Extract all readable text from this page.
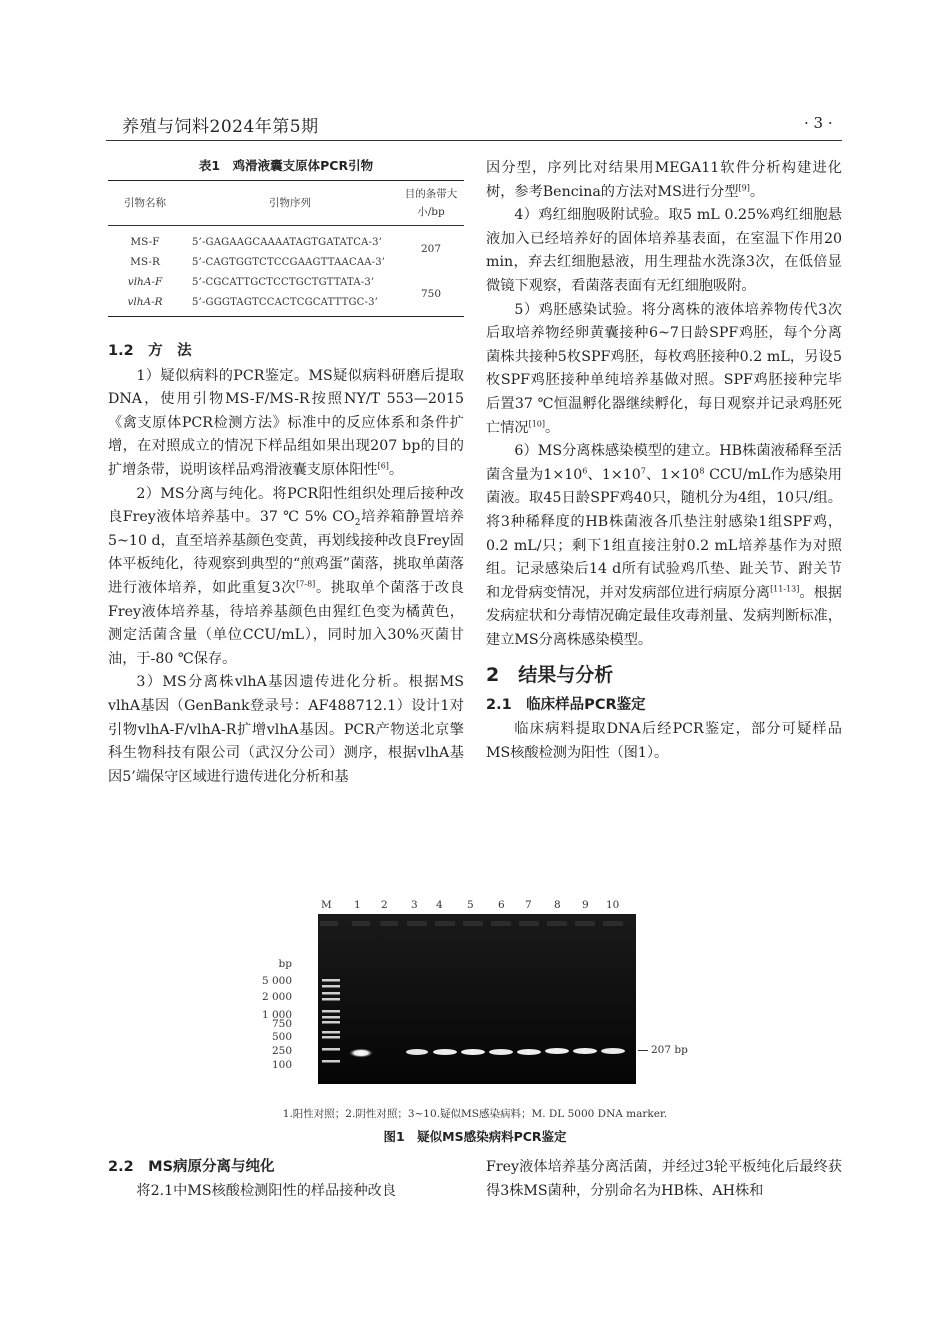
养殖与饲料2024年第5期	· 3 ·
表1　鸡滑液囊支原体PCR引物
引物名称	引物序列	目的条带大小/bp
MS-F	5’-GAGAAGCAAAATAGTGATATCA-3’	207
MS-R	5’-CAGTGGTCTCCGAAGTTAACAA-3’	
vlhA-F	5’-CGCATTGCTCCTGCTGTTATA-3’	750
vlhA-R	5’-GGGTAGTCCACTCGCATTTGC-3’	

1.2　方　法

1）疑似病料的PCR鉴定。MS疑似病料研磨后提取DNA，使用引物MS-F/MS-R按照NY/T 553—2015《禽支原体PCR检测方法》标准中的反应体系和条件扩增，在对照成立的情况下样品组如果出现207 bp的目的扩增条带，说明该样品鸡滑液囊支原体阳性[6]。

2）MS分离与纯化。将PCR阳性组织处理后接种改良Frey液体培养基中。37 ℃ 5% $CO_2$培养箱静置培养5~10 d，直至培养基颜色变黄，再划线接种改良Frey固体平板纯化，待观察到典型的“煎鸡蛋”菌落，挑取单菌落进行液体培养，如此重复3次[7-8]。挑取单个菌落于改良Frey液体培养基，待培养基颜色由猩红色变为橘黄色，测定活菌含量（单位CCU/mL），同时加入30%灭菌甘油，于-80 ℃保存。

3）MS分离株vlhA基因遗传进化分析。根据MS vlhA基因（GenBank登录号：AF488712.1）设计1对引物vlhA-F/vlhA-R扩增vlhA基因。PCR产物送北京擎科生物科技有限公司（武汉分公司）测序，根据vlhA基因5’端保守区域进行遗传进化分析和基

因分型，序列比对结果用MEGA11软件分析构建进化树，参考Bencina的方法对MS进行分型[9]。

4）鸡红细胞吸附试验。取5 mL 0.25%鸡红细胞悬液加入已经培养好的固体培养基表面，在室温下作用20 min，弃去红细胞悬液，用生理盐水洗涤3次，在低倍显微镜下观察，看菌落表面有无红细胞吸附。

5）鸡胚感染试验。将分离株的液体培养物传代3次后取培养物经卵黄囊接种6~7日龄SPF鸡胚，每个分离菌株共接种5枚SPF鸡胚，每枚鸡胚接种0.2 mL，另设5枚SPF鸡胚接种单纯培养基做对照。SPF鸡胚接种完毕后置37 ℃恒温孵化器继续孵化，每日观察并记录鸡胚死亡情况[10]。

6）MS分离株感染模型的建立。HB株菌液稀释至活菌含量为$1\times 10^6$、$1\times 10^7$、$1\times 10^8$ CCU/mL作为感染用菌液。取45日龄SPF鸡40只，随机分为4组，10只/组。将3种稀释度的HB株菌液各爪垫注射感染1组SPF鸡，0.2 mL/只；剩下1组直接注射0.2 mL培养基作为对照组。记录感染后14 d所有试验鸡爪垫、趾关节、跗关节和龙骨病变情况，并对发病部位进行病原分离[11-13]。根据发病症状和分毒情况确定最佳攻毒剂量、发病判断标准，建立MS分离株感染模型。

2　结果与分析

2.1　临床样品PCR鉴定

临床病料提取DNA后经PCR鉴定，部分可疑样品MS核酸检测为阳性（图1）。

M 1 2 3 4 5 6 7 8 9 10
bp
5 000
2 000
1 000
750
500
250
100
207 bp
1.阳性对照；2.阴性对照；3~10.疑似MS感染病料；M. DL 5000 DNA marker.
图1　疑似MS感染病料PCR鉴定

2.2　MS病原分离与纯化

将2.1中MS核酸检测阳性的样品接种改良

Frey液体培养基分离活菌，并经过3轮平板纯化后最终获得3株MS菌种，分别命名为HB株、AH株和
